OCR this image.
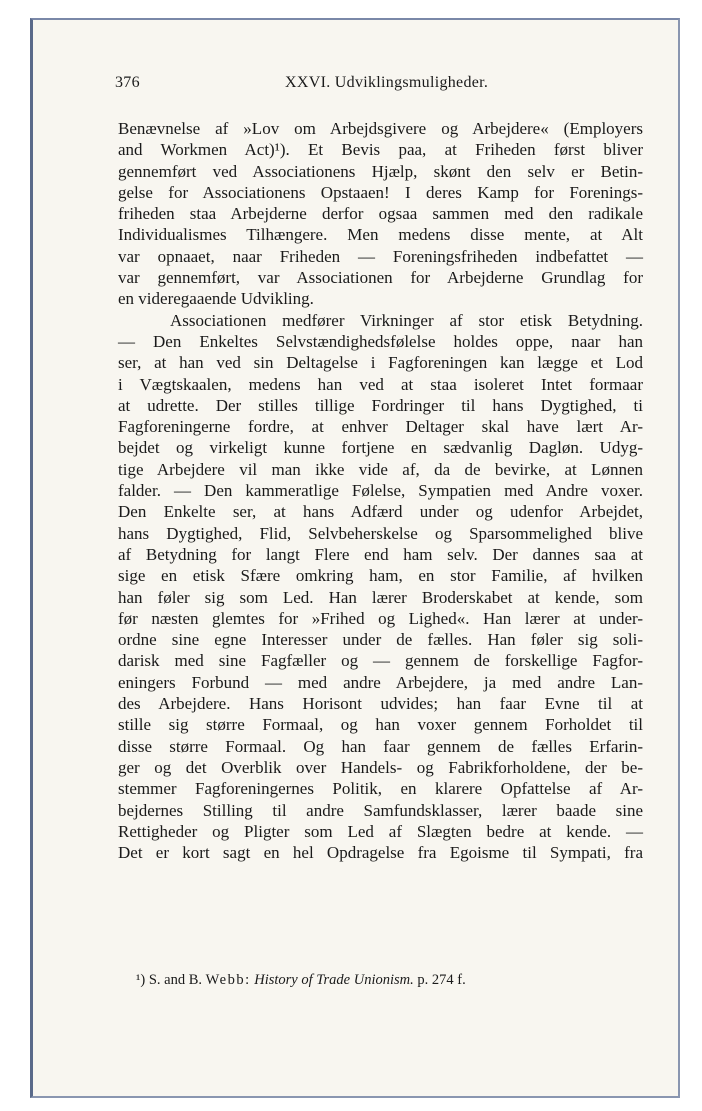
376	XXVI. Udviklingsmuligheder.
Benævnelse af »Lov om Arbejdsgivere og Arbejdere« (Employers
and Workmen Act)¹). Et Bevis paa, at Friheden først bliver
gennemført ved Associationens Hjælp, skønt den selv er Betin-
gelse for Associationens Opstaaen! I deres Kamp for Forenings-
friheden staa Arbejderne derfor ogsaa sammen med den radikale
Individualismes Tilhængere. Men medens disse mente, at Alt
var opnaaet, naar Friheden — Foreningsfriheden indbefattet —
var gennemført, var Associationen for Arbejderne Grundlag for
en videregaaende Udvikling.
Associationen medfører Virkninger af stor etisk Betydning.
— Den Enkeltes Selvstændighedsfølelse holdes oppe, naar han
ser, at han ved sin Deltagelse i Fagforeningen kan lægge et Lod
i Vægtskaalen, medens han ved at staa isoleret Intet formaar
at udrette. Der stilles tillige Fordringer til hans Dygtighed, ti
Fagforeningerne fordre, at enhver Deltager skal have lært Ar-
bejdet og virkeligt kunne fortjene en sædvanlig Dagløn. Udyg-
tige Arbejdere vil man ikke vide af, da de bevirke, at Lønnen
falder. — Den kammeratlige Følelse, Sympatien med Andre voxer.
Den Enkelte ser, at hans Adfærd under og udenfor Arbejdet,
hans Dygtighed, Flid, Selvbeherskelse og Sparsommelighed blive
af Betydning for langt Flere end ham selv. Der dannes saa at
sige en etisk Sfære omkring ham, en stor Familie, af hvilken
han føler sig som Led. Han lærer Broderskabet at kende, som
før næsten glemtes for »Frihed og Lighed«. Han lærer at under-
ordne sine egne Interesser under de fælles. Han føler sig soli-
darisk med sine Fagfæller og — gennem de forskellige Fagfor-
eningers Forbund — med andre Arbejdere, ja med andre Lan-
des Arbejdere. Hans Horisont udvides; han faar Evne til at
stille sig større Formaal, og han voxer gennem Forholdet til
disse større Formaal. Og han faar gennem de fælles Erfarin-
ger og det Overblik over Handels- og Fabrikforholdene, der be-
stemmer Fagforeningernes Politik, en klarere Opfattelse af Ar-
bejdernes Stilling til andre Samfundsklasser, lærer baade sine
Rettigheder og Pligter som Led af Slægten bedre at kende. —
Det er kort sagt en hel Opdragelse fra Egoisme til Sympati, fra
¹) S. and B. Webb: History of Trade Unionism. p. 274 f.
